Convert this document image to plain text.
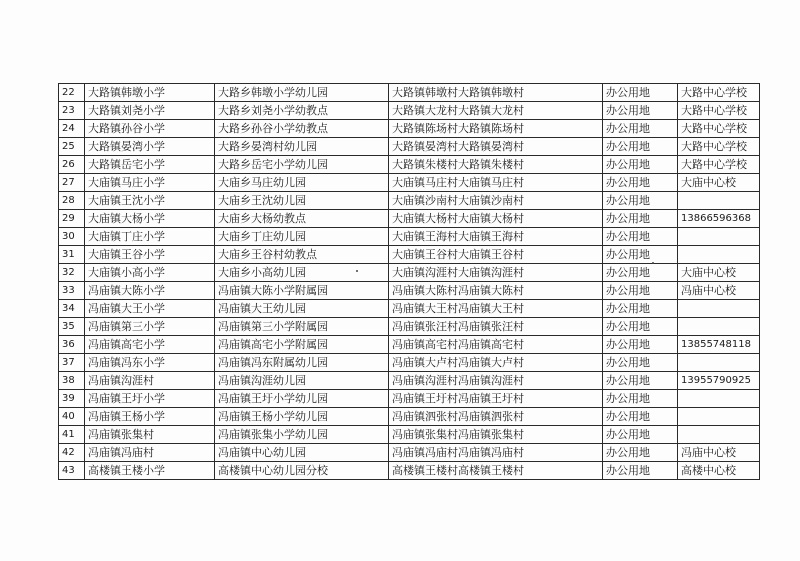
22	大路镇韩墩小学	大路乡韩墩小学幼儿园	大路镇韩墩村大路镇韩墩村	办公用地	大路中心学校
23	大路镇刘尧小学	大路乡刘尧小学幼教点	大路镇大龙村大路镇大龙村	办公用地	大路中心学校
24	大路镇孙谷小学	大路乡孙谷小学幼教点	大路镇陈场村大路镇陈场村	办公用地	大路中心学校
25	大路镇晏湾小学	大路乡晏湾村幼儿园	大路镇晏湾村大路镇晏湾村	办公用地	大路中心学校
26	大路镇岳宅小学	大路乡岳宅小学幼儿园	大路镇朱楼村大路镇朱楼村	办公用地	大路中心学校
27	大庙镇马庄小学	大庙乡马庄幼儿园	大庙镇马庄村大庙镇马庄村	办公用地	大庙中心校
28	大庙镇王沈小学	大庙乡王沈幼儿园	大庙镇沙南村大庙镇沙南村	办公用地	
29	大庙镇大杨小学	大庙乡大杨幼教点	大庙镇大杨村大庙镇大杨村	办公用地	13866596368
30	大庙镇丁庄小学	大庙乡丁庄幼儿园	大庙镇王海村大庙镇王海村	办公用地	
31	大庙镇王谷小学	大庙乡王谷村幼教点	大庙镇王谷村大庙镇王谷村	办公用地	
32	大庙镇小高小学	大庙乡小高幼儿园	大庙镇沟涯村大庙镇沟涯村	办公用地	大庙中心校
33	冯庙镇大陈小学	冯庙镇大陈小学附属园	冯庙镇大陈村冯庙镇大陈村	办公用地	冯庙中心校
34	冯庙镇大王小学	冯庙镇大王幼儿园	冯庙镇大王村冯庙镇大王村	办公用地	
35	冯庙镇第三小学	冯庙镇第三小学附属园	冯庙镇张汪村冯庙镇张汪村	办公用地	
36	冯庙镇高宅小学	冯庙镇高宅小学附属园	冯庙镇高宅村冯庙镇高宅村	办公用地	13855748118
37	冯庙镇冯东小学	冯庙镇冯东附属幼儿园	冯庙镇大卢村冯庙镇大卢村	办公用地	
38	冯庙镇沟涯村	冯庙镇沟涯幼儿园	冯庙镇沟涯村冯庙镇沟涯村	办公用地	13955790925
39	冯庙镇王圩小学	冯庙镇王圩小学幼儿园	冯庙镇王圩村冯庙镇王圩村	办公用地	
40	冯庙镇王杨小学	冯庙镇王杨小学幼儿园	冯庙镇泗张村冯庙镇泗张村	办公用地	
41	冯庙镇张集村	冯庙镇张集小学幼儿园	冯庙镇张集村冯庙镇张集村	办公用地	
42	冯庙镇冯庙村	冯庙镇中心幼儿园	冯庙镇冯庙村冯庙镇冯庙村	办公用地	冯庙中心校
43	高楼镇王楼小学	高楼镇中心幼儿园分校	高楼镇王楼村高楼镇王楼村	办公用地	高楼中心校
